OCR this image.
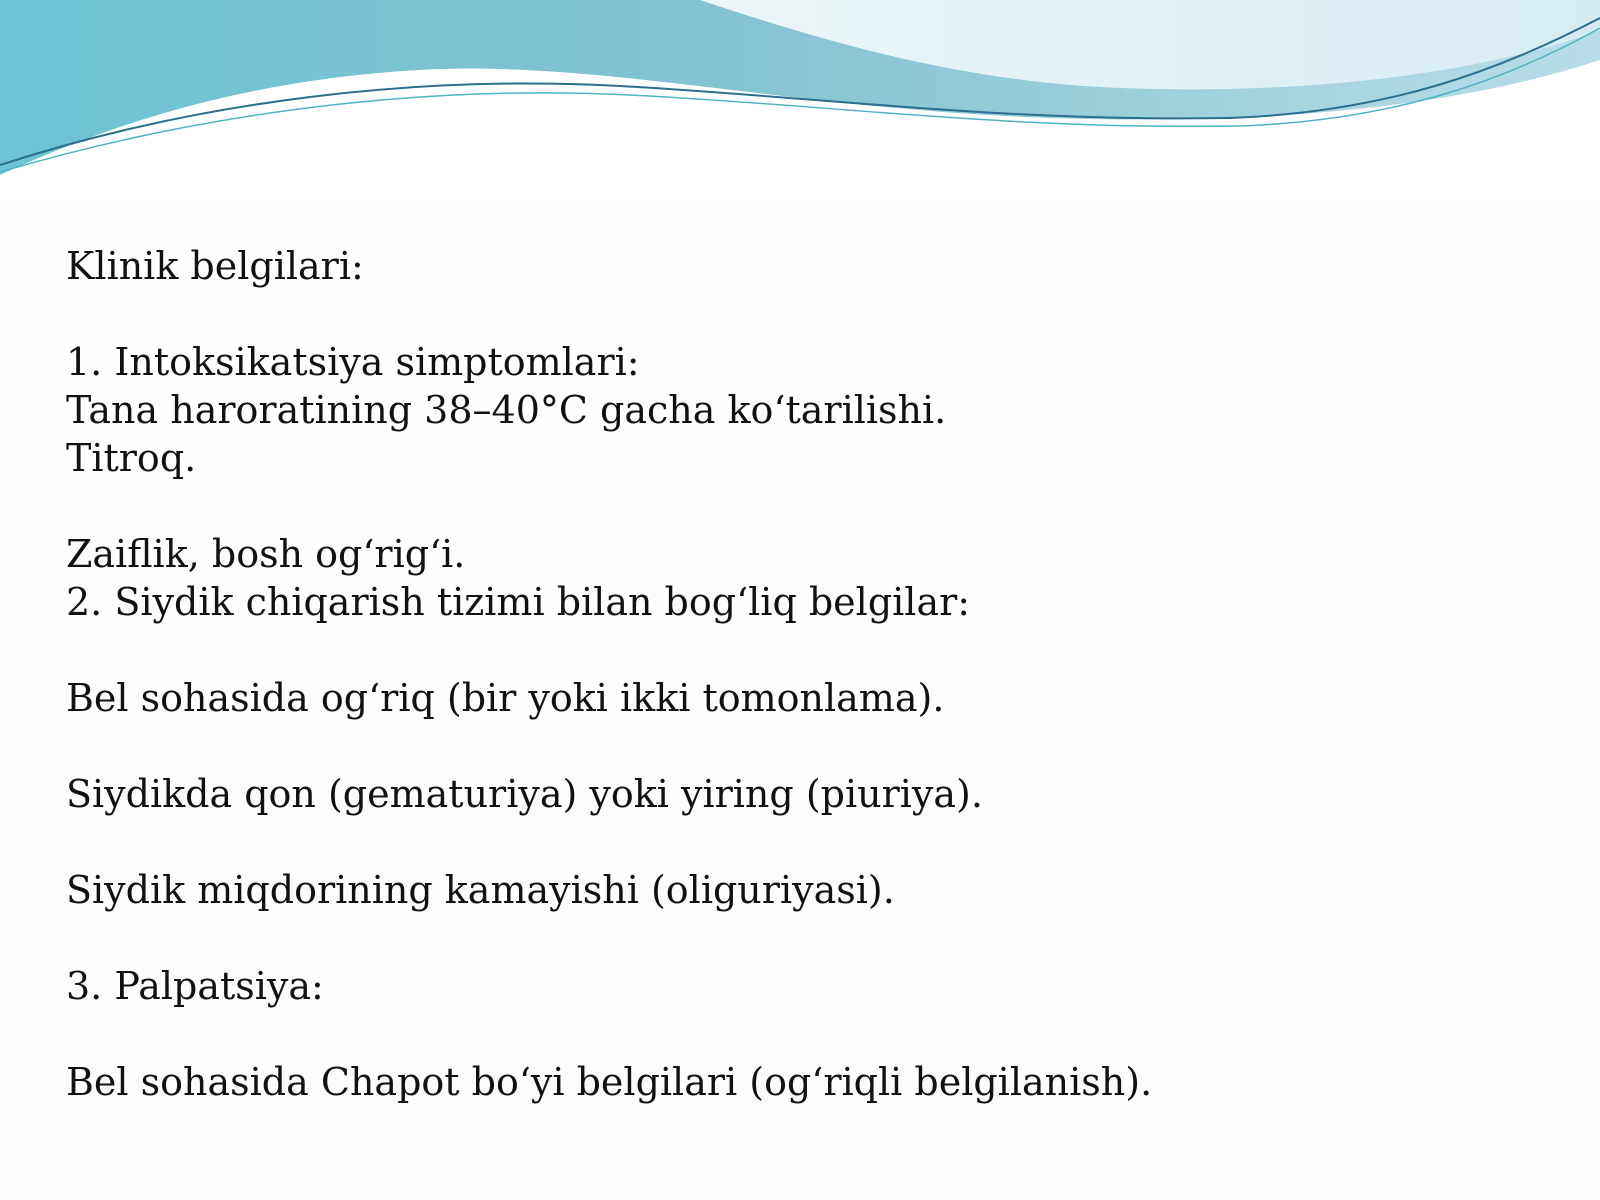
Klinik belgilari:
1. Intoksikatsiya simptomlari:
Tana haroratining 38–40°C gacha ko‘tarilishi.
Titroq.
Zaiflik, bosh og‘rig‘i.
2. Siydik chiqarish tizimi bilan bog‘liq belgilar:
Bel sohasida og‘riq (bir yoki ikki tomonlama).
Siydikda qon (gematuriya) yoki yiring (piuriya).
Siydik miqdorining kamayishi (oliguriyasi).
3. Palpatsiya:
Bel sohasida Chapot bo‘yi belgilari (og‘riqli belgilanish).
